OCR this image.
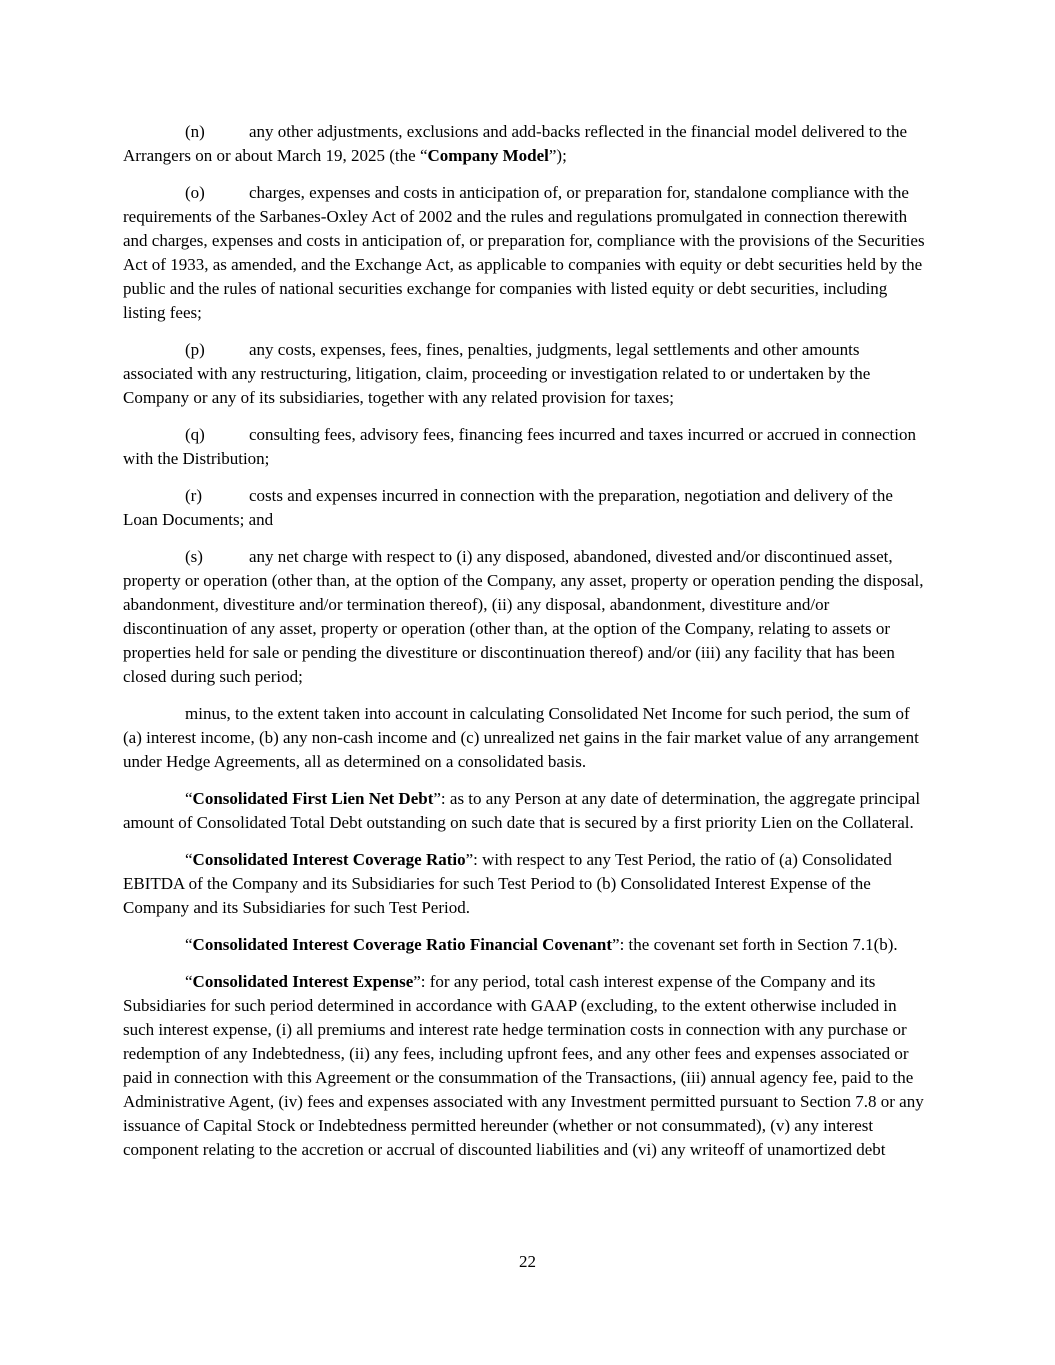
(n)	any other adjustments, exclusions and add-backs reflected in the financial model delivered to the Arrangers on or about March 19, 2025 (the “Company Model”);

(o)	charges, expenses and costs in anticipation of, or preparation for, standalone compliance with the requirements of the Sarbanes-Oxley Act of 2002 and the rules and regulations promulgated in connection therewith and charges, expenses and costs in anticipation of, or preparation for, compliance with the provisions of the Securities Act of 1933, as amended, and the Exchange Act, as applicable to companies with equity or debt securities held by the public and the rules of national securities exchange for companies with listed equity or debt securities, including listing fees;

(p)	any costs, expenses, fees, fines, penalties, judgments, legal settlements and other amounts associated with any restructuring, litigation, claim, proceeding or investigation related to or undertaken by the Company or any of its subsidiaries, together with any related provision for taxes;

(q)	consulting fees, advisory fees, financing fees incurred and taxes incurred or accrued in connection with the Distribution;

(r)	costs and expenses incurred in connection with the preparation, negotiation and delivery of the Loan Documents; and

(s)	any net charge with respect to (i) any disposed, abandoned, divested and/or discontinued asset, property or operation (other than, at the option of the Company, any asset, property or operation pending the disposal, abandonment, divestiture and/or termination thereof), (ii) any disposal, abandonment, divestiture and/or discontinuation of any asset, property or operation (other than, at the option of the Company, relating to assets or properties held for sale or pending the divestiture or discontinuation thereof) and/or (iii) any facility that has been closed during such period;

minus, to the extent taken into account in calculating Consolidated Net Income for such period, the sum of (a) interest income, (b) any non-cash income and (c) unrealized net gains in the fair market value of any arrangement under Hedge Agreements, all as determined on a consolidated basis.

“Consolidated First Lien Net Debt”: as to any Person at any date of determination, the aggregate principal amount of Consolidated Total Debt outstanding on such date that is secured by a first priority Lien on the Collateral.

“Consolidated Interest Coverage Ratio”: with respect to any Test Period, the ratio of (a) Consolidated EBITDA of the Company and its Subsidiaries for such Test Period to (b) Consolidated Interest Expense of the Company and its Subsidiaries for such Test Period.

“Consolidated Interest Coverage Ratio Financial Covenant”: the covenant set forth in Section 7.1(b).

“Consolidated Interest Expense”: for any period, total cash interest expense of the Company and its Subsidiaries for such period determined in accordance with GAAP (excluding, to the extent otherwise included in such interest expense, (i) all premiums and interest rate hedge termination costs in connection with any purchase or redemption of any Indebtedness, (ii) any fees, including upfront fees, and any other fees and expenses associated or paid in connection with this Agreement or the consummation of the Transactions, (iii) annual agency fee, paid to the Administrative Agent, (iv) fees and expenses associated with any Investment permitted pursuant to Section 7.8 or any issuance of Capital Stock or Indebtedness permitted hereunder (whether or not consummated), (v) any interest component relating to the accretion or accrual of discounted liabilities and (vi) any writeoff of unamortized debt

22
